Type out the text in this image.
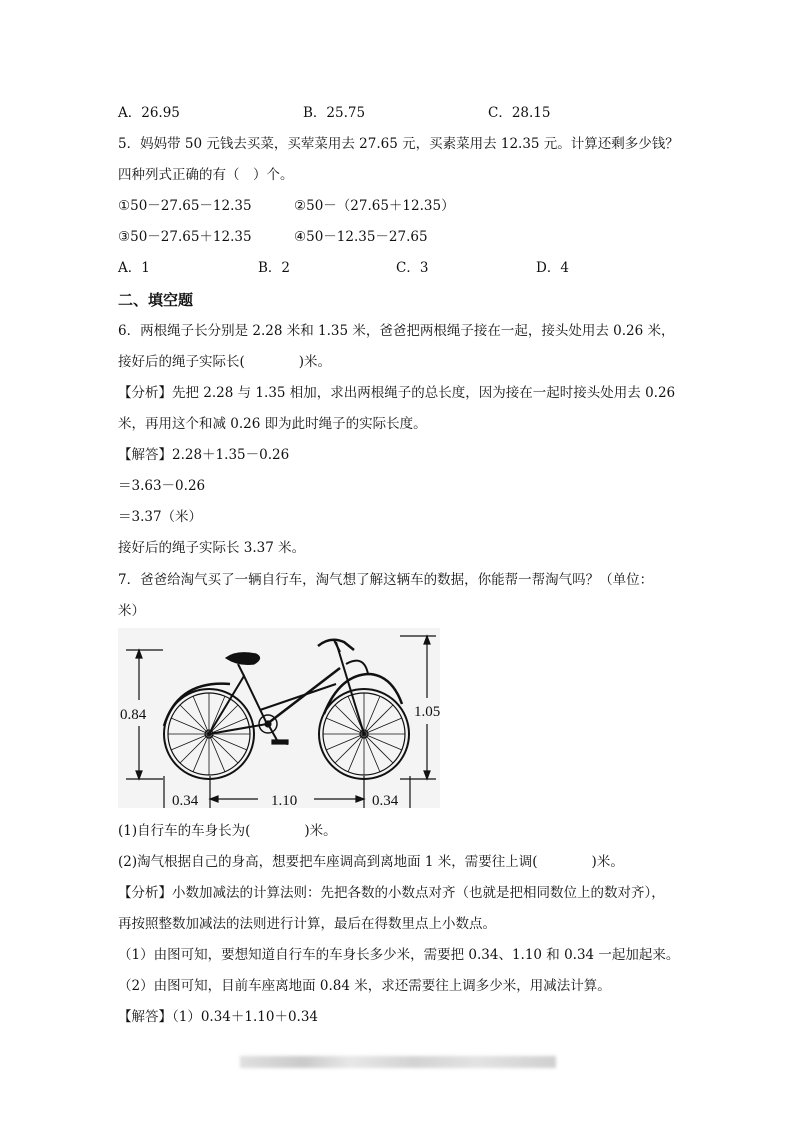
A．26.95	B．25.75	C．28.15
5．妈妈带 50 元钱去买菜，买荤菜用去 27.65 元，买素菜用去 12.35 元。计算还剩多少钱？
四种列式正确的有（　）个。
①50－27.65－12.35	②50－（27.65＋12.35）
③50－27.65＋12.35	④50－12.35－27.65
A．1	B．2	C．3	D．4
二、填空题
6．两根绳子长分别是 2.28 米和 1.35 米，爸爸把两根绳子接在一起，接头处用去 0.26 米，
接好后的绳子实际长(　　　　)米。
【分析】先把 2.28 与 1.35 相加，求出两根绳子的总长度，因为接在一起时接头处用去 0.26
米，再用这个和减 0.26 即为此时绳子的实际长度。
【解答】2.28＋1.35－0.26
＝3.63－0.26
＝3.37（米）
接好后的绳子实际长 3.37 米。
7．爸爸给淘气买了一辆自行车，淘气想了解这辆车的数据，你能帮一帮淘气吗？（单位：
米）
0.84	1.05
0.34	1.10	0.34
(1)自行车的车身长为(　　　　)米。
(2)淘气根据自己的身高，想要把车座调高到离地面 1 米，需要往上调(　　　　)米。
【分析】小数加减法的计算法则：先把各数的小数点对齐（也就是把相同数位上的数对齐），
再按照整数加减法的法则进行计算，最后在得数里点上小数点。
（1）由图可知，要想知道自行车的车身长多少米，需要把 0.34、1.10 和 0.34 一起加起来。
（2）由图可知，目前车座离地面 0.84 米，求还需要往上调多少米，用减法计算。
【解答】（1）0.34＋1.10＋0.34
